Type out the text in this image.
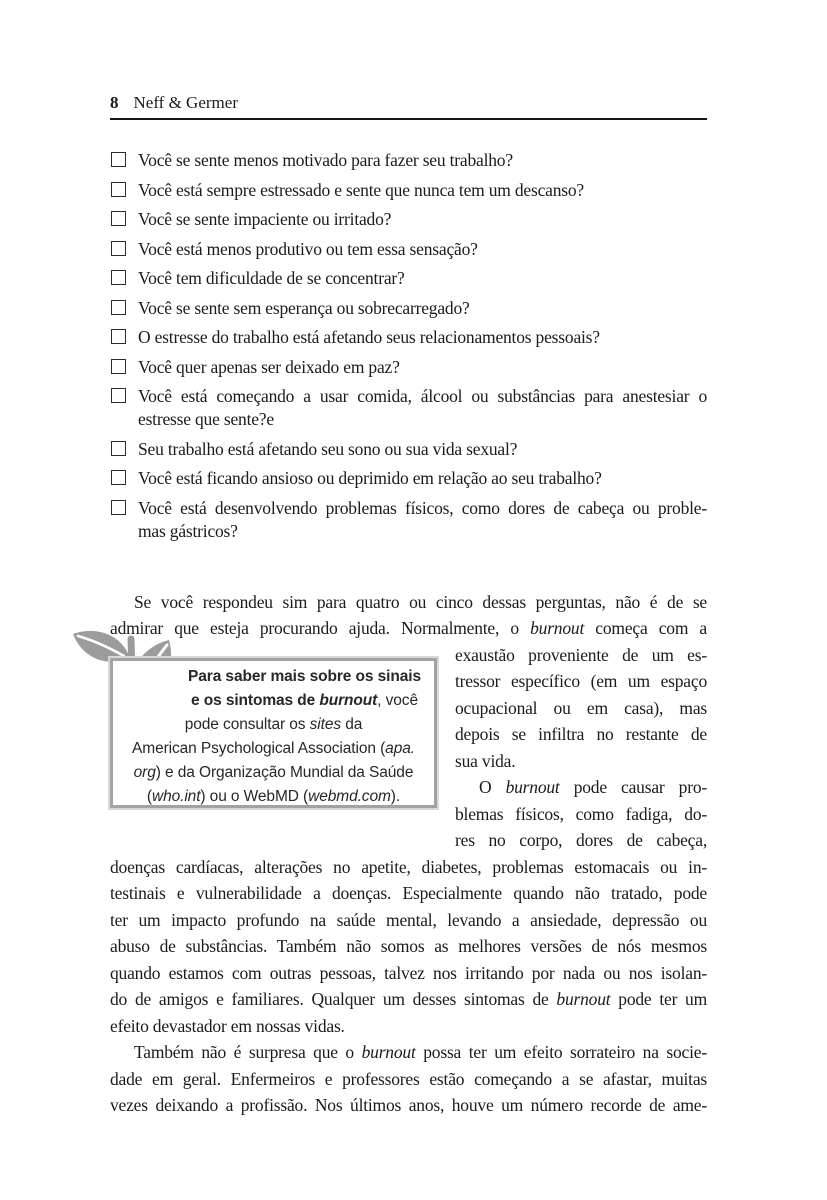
8 Neff & Germer
Você se sente menos motivado para fazer seu trabalho?
Você está sempre estressado e sente que nunca tem um descanso?
Você se sente impaciente ou irritado?
Você está menos produtivo ou tem essa sensação?
Você tem dificuldade de se concentrar?
Você se sente sem esperança ou sobrecarregado?
O estresse do trabalho está afetando seus relacionamentos pessoais?
Você quer apenas ser deixado em paz?
Você está começando a usar comida, álcool ou substâncias para anestesiar o
estresse que sente?e
Seu trabalho está afetando seu sono ou sua vida sexual?
Você está ficando ansioso ou deprimido em relação ao seu trabalho?
Você está desenvolvendo problemas físicos, como dores de cabeça ou proble-
mas gástricos?
Se você respondeu sim para quatro ou cinco dessas perguntas, não é de se
admirar que esteja procurando ajuda. Normalmente, o burnout começa com a
Para saber mais sobre os sinais
e os sintomas de burnout, você
pode consultar os sites da
American Psychological Association (apa.
org) e da Organização Mundial da Saúde
(who.int) ou o WebMD (webmd.com).
exaustão proveniente de um es-
tressor específico (em um espaço
ocupacional ou em casa), mas
depois se infiltra no restante de
sua vida.
O burnout pode causar pro-
blemas físicos, como fadiga, do-
res no corpo, dores de cabeça,
doenças cardíacas, alterações no apetite, diabetes, problemas estomacais ou in-
testinais e vulnerabilidade a doenças. Especialmente quando não tratado, pode
ter um impacto profundo na saúde mental, levando a ansiedade, depressão ou
abuso de substâncias. Também não somos as melhores versões de nós mesmos
quando estamos com outras pessoas, talvez nos irritando por nada ou nos isolan-
do de amigos e familiares. Qualquer um desses sintomas de burnout pode ter um
efeito devastador em nossas vidas.
Também não é surpresa que o burnout possa ter um efeito sorrateiro na socie-
dade em geral. Enfermeiros e professores estão começando a se afastar, muitas
vezes deixando a profissão. Nos últimos anos, houve um número recorde de ame-
